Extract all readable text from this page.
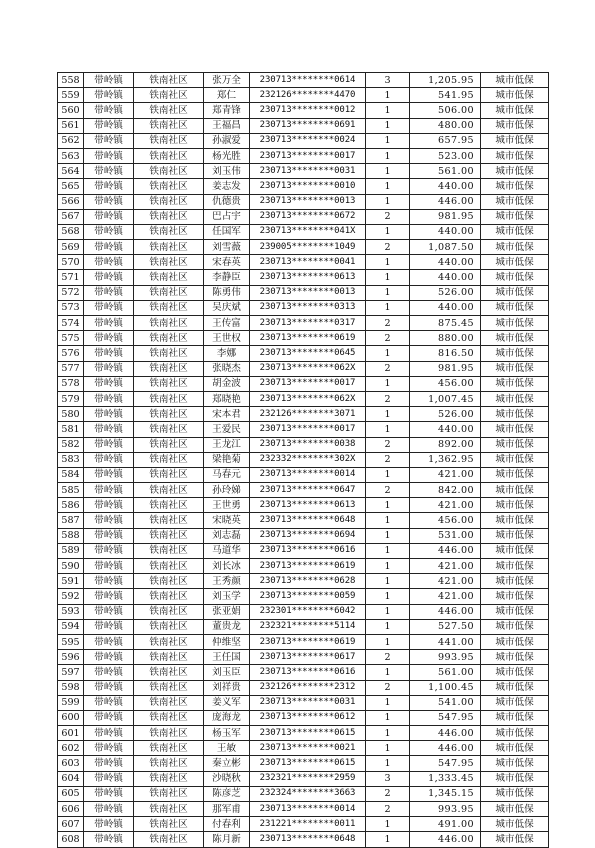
558	带岭镇	铁南社区	张万全	230713********0614	3	1,205.95	城市低保
559	带岭镇	铁南社区	郑仁	232126********4470	1	541.95	城市低保
560	带岭镇	铁南社区	郑青锋	230713********0012	1	506.00	城市低保
561	带岭镇	铁南社区	王福昌	230713********0691	1	480.00	城市低保
562	带岭镇	铁南社区	孙淑爱	230713********0024	1	657.95	城市低保
563	带岭镇	铁南社区	杨光胜	230713********0017	1	523.00	城市低保
564	带岭镇	铁南社区	刘玉伟	230713********0031	1	561.00	城市低保
565	带岭镇	铁南社区	姜志发	230713********0010	1	440.00	城市低保
566	带岭镇	铁南社区	仇德贵	230713********0013	1	446.00	城市低保
567	带岭镇	铁南社区	巴占宇	230713********0672	2	981.95	城市低保
568	带岭镇	铁南社区	任国军	230713********041X	1	440.00	城市低保
569	带岭镇	铁南社区	刘雪薇	239005********1049	2	1,087.50	城市低保
570	带岭镇	铁南社区	宋春英	230713********0041	1	440.00	城市低保
571	带岭镇	铁南社区	李静臣	230713********0613	1	440.00	城市低保
572	带岭镇	铁南社区	陈勇伟	230713********0013	1	526.00	城市低保
573	带岭镇	铁南社区	吴庆斌	230713********0313	1	440.00	城市低保
574	带岭镇	铁南社区	王传富	230713********0317	2	875.45	城市低保
575	带岭镇	铁南社区	王世权	230713********0619	2	880.00	城市低保
576	带岭镇	铁南社区	李娜	230713********0645	1	816.50	城市低保
577	带岭镇	铁南社区	张晓杰	230713********062X	2	981.95	城市低保
578	带岭镇	铁南社区	胡金波	230713********0017	1	456.00	城市低保
579	带岭镇	铁南社区	郑晓艳	230713********062X	2	1,007.45	城市低保
580	带岭镇	铁南社区	宋本君	232126********3071	1	526.00	城市低保
581	带岭镇	铁南社区	王爱民	230713********0017	1	440.00	城市低保
582	带岭镇	铁南社区	王龙江	230713********0038	2	892.00	城市低保
583	带岭镇	铁南社区	梁艳菊	232332********302X	2	1,362.95	城市低保
584	带岭镇	铁南社区	马春元	230713********0014	1	421.00	城市低保
585	带岭镇	铁南社区	孙玲娣	230713********0647	2	842.00	城市低保
586	带岭镇	铁南社区	王世勇	230713********0613	1	421.00	城市低保
587	带岭镇	铁南社区	宋晓英	230713********0648	1	456.00	城市低保
588	带岭镇	铁南社区	刘志磊	230713********0694	1	531.00	城市低保
589	带岭镇	铁南社区	马道华	230713********0616	1	446.00	城市低保
590	带岭镇	铁南社区	刘长冰	230713********0619	1	421.00	城市低保
591	带岭镇	铁南社区	王秀颜	230713********0628	1	421.00	城市低保
592	带岭镇	铁南社区	刘玉学	230713********0059	1	421.00	城市低保
593	带岭镇	铁南社区	张亚娟	232301********6042	1	446.00	城市低保
594	带岭镇	铁南社区	董贵龙	232321********5114	1	527.50	城市低保
595	带岭镇	铁南社区	仲维坚	230713********0619	1	441.00	城市低保
596	带岭镇	铁南社区	王任国	230713********0617	2	993.95	城市低保
597	带岭镇	铁南社区	刘玉臣	230713********0616	1	561.00	城市低保
598	带岭镇	铁南社区	刘祥贵	232126********2312	2	1,100.45	城市低保
599	带岭镇	铁南社区	姜义军	230713********0031	1	541.00	城市低保
600	带岭镇	铁南社区	庞海龙	230713********0612	1	547.95	城市低保
601	带岭镇	铁南社区	杨玉军	230713********0615	1	446.00	城市低保
602	带岭镇	铁南社区	王敏	230713********0021	1	446.00	城市低保
603	带岭镇	铁南社区	秦立彬	230713********0615	1	547.95	城市低保
604	带岭镇	铁南社区	沙晓秋	232321********2959	3	1,333.45	城市低保
605	带岭镇	铁南社区	陈彦芝	232324********3663	2	1,345.15	城市低保
606	带岭镇	铁南社区	那军甫	230713********0014	2	993.95	城市低保
607	带岭镇	铁南社区	付春利	231221********0011	1	491.00	城市低保
608	带岭镇	铁南社区	陈月新	230713********0648	1	446.00	城市低保
